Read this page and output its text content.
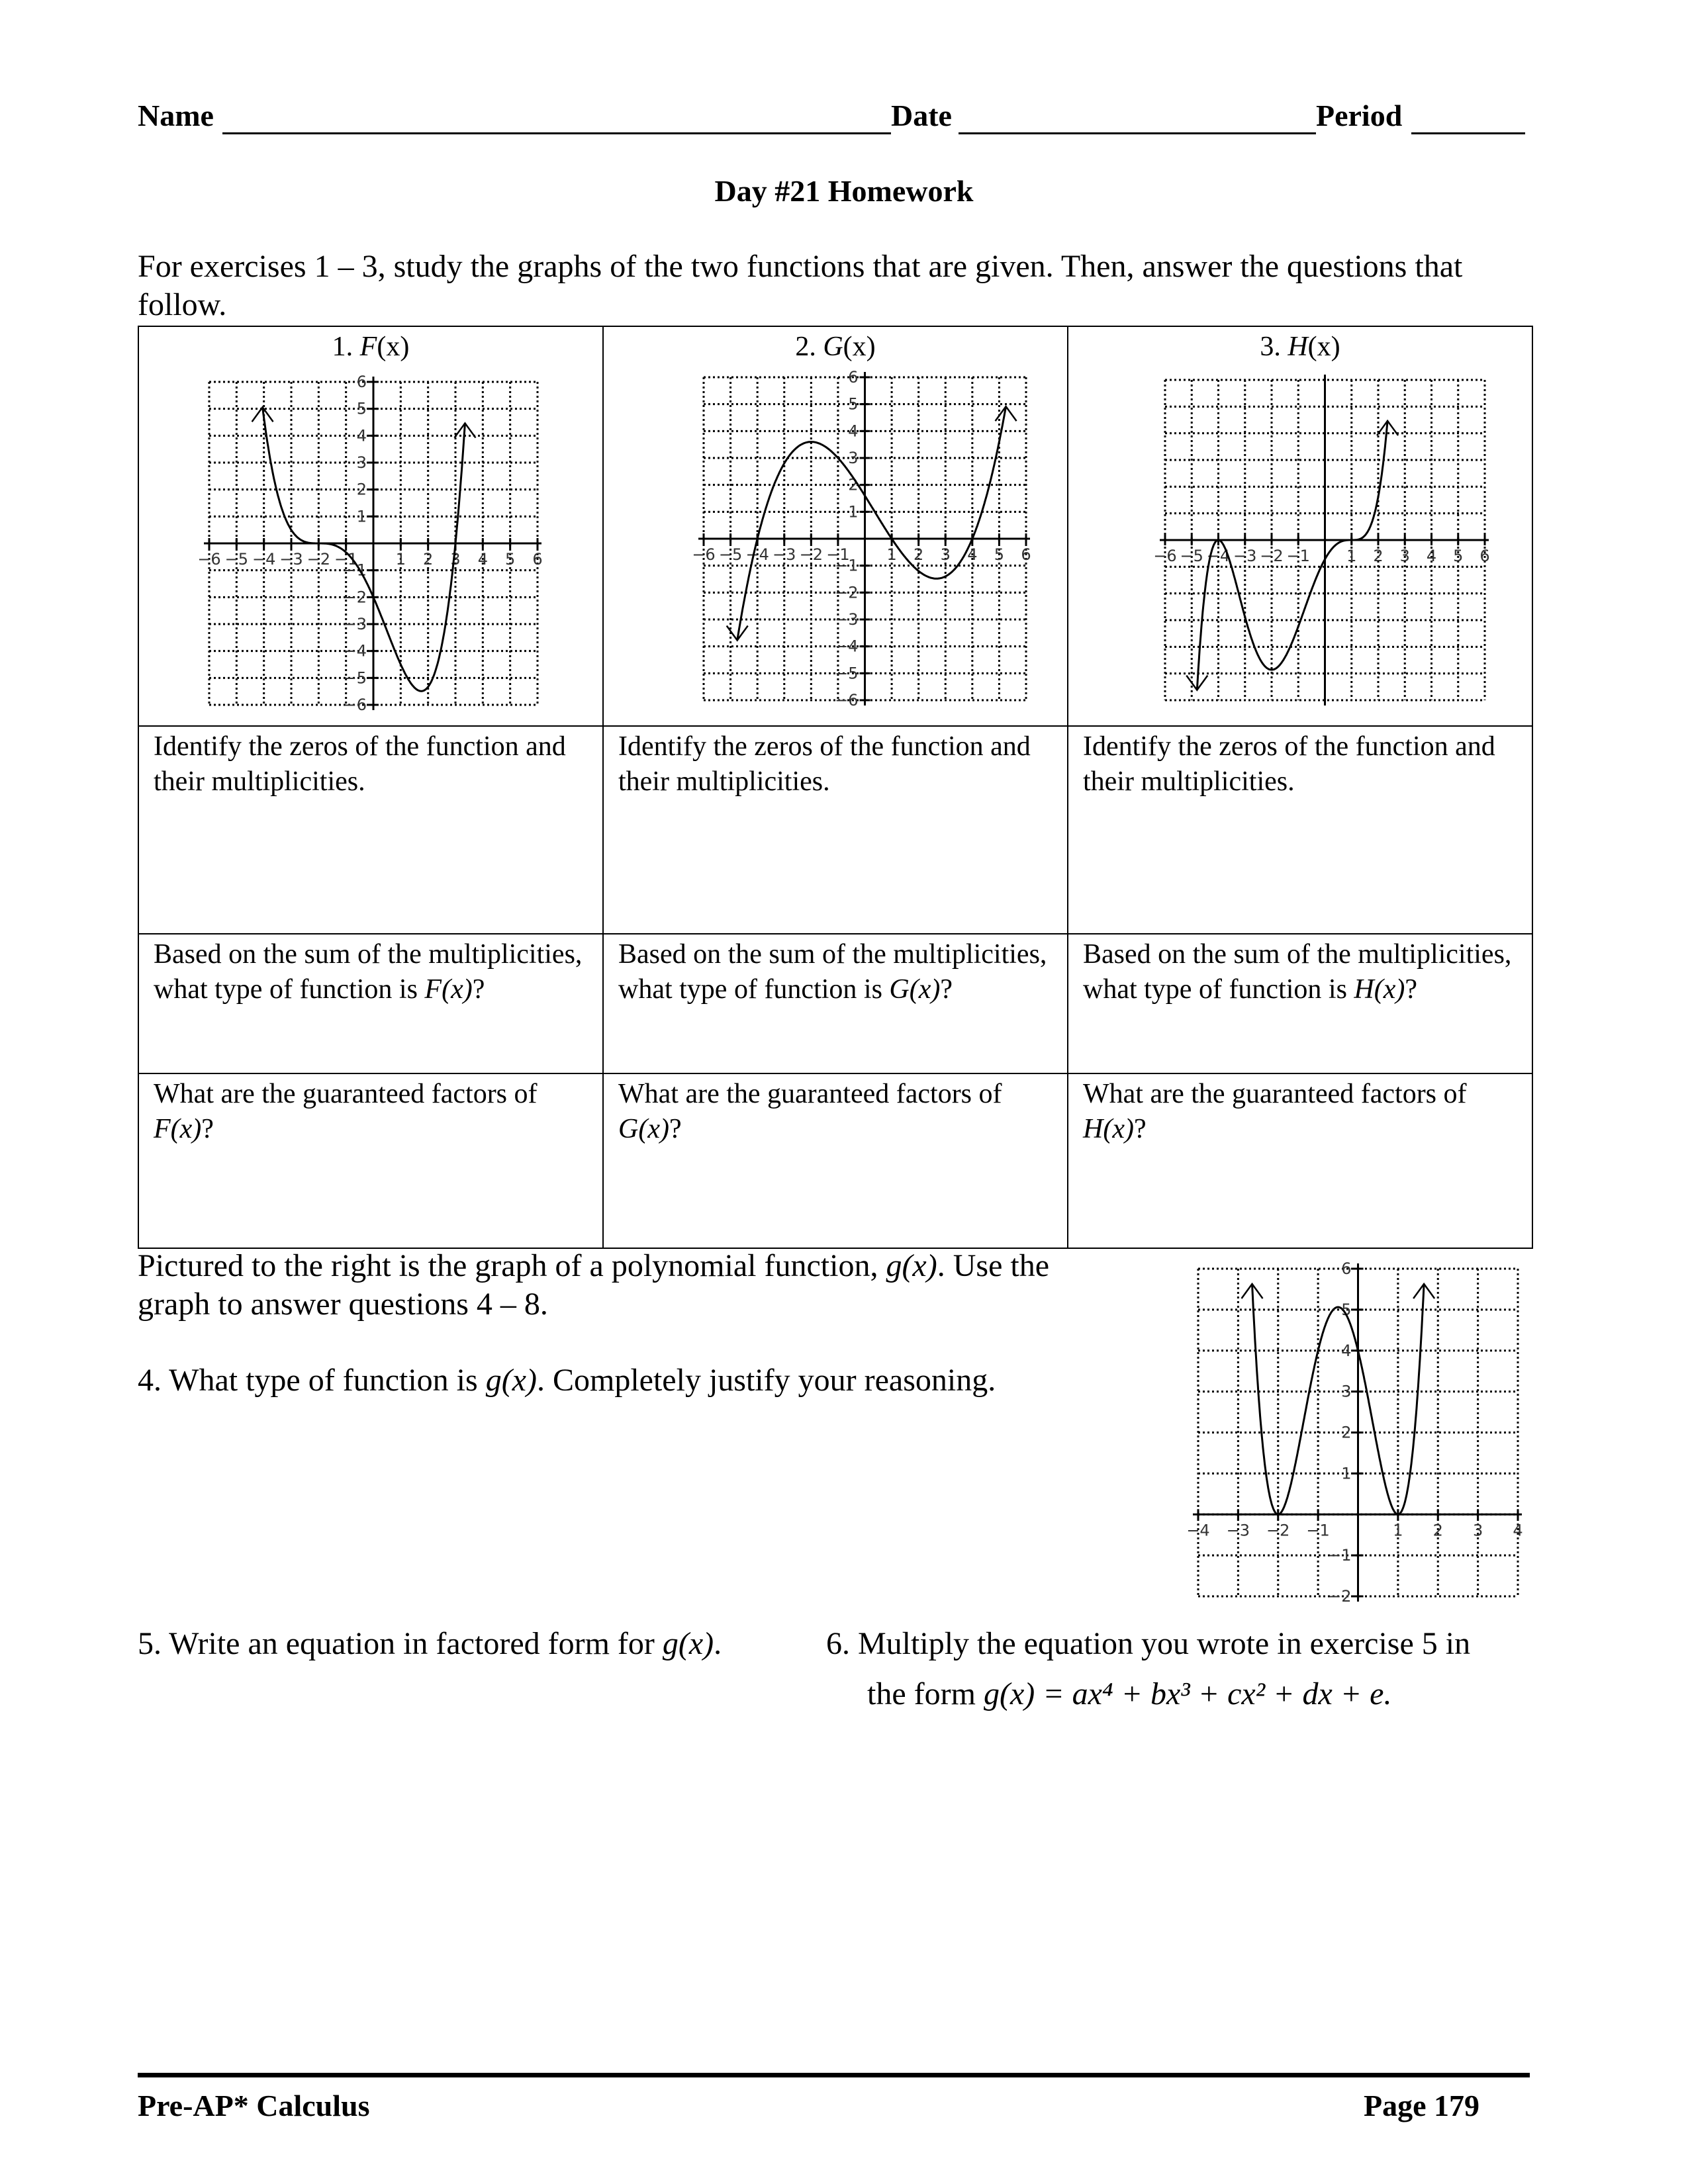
Name	Date	Period
Day #21 Homework
For exercises 1 – 3, study the graphs of the two functions that are given. Then, answer the questions that follow.
1. F(x)	2. G(x)	3. H(x)
Identify the zeros of the function and their multiplicities.	Identify the zeros of the function and their multiplicities.	Identify the zeros of the function and their multiplicities.
Based on the sum of the multiplicities, what type of function is F(x)?	Based on the sum of the multiplicities, what type of function is G(x)?	Based on the sum of the multiplicities, what type of function is H(x)?
What are the guaranteed factors of F(x)?	What are the guaranteed factors of G(x)?	What are the guaranteed factors of H(x)?
−6 −5 −4 −3 −2 −1 1 2 3 4 5 6
−6
−5
−4
−3
−2
−1
1
2
3
4
5
6
−6 −5 −4 −3 −2 −1 1 2 3 4 5 6
−6
−5
−4
−3
−2
−1
1
2
3
4
5
6
−6 −5 −4 −3 −2 −1 1 2 3 4 5 6
−4 −3 −2 −1	1 2 3 4
−2
−1
1
2
3
4
5
6
Pictured to the right is the graph of a polynomial function, g(x). Use the graph to answer questions 4 – 8.
4. What type of function is g(x). Completely justify your reasoning.
5. Write an equation in factored form for g(x).	6. Multiply the equation you wrote in exercise 5 in
the form g(x) = ax⁴ + bx³ + cx² + dx + e.
Pre-AP* Calculus	Page 179
